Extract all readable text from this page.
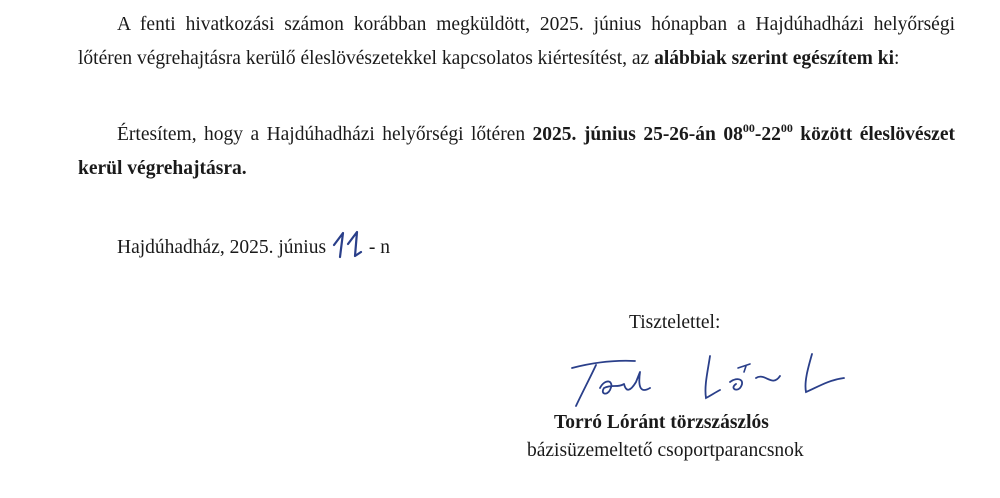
A fenti hivatkozási számon korábban megküldött, 2025. június hónapban a Hajdúhadházi helyőrségi lőtéren végrehajtásra kerülő éleslövészetekkel kapcsolatos kiértesítést, az alábbiak szerint egészítem ki:

Értesítem, hogy a Hajdúhadházi helyőrségi lőtéren 2025. június 25-26-án $08^{00}-22^{00}$ között éleslövészet kerül végrehajtásra.

Hajdúhadház, 2025. június - n
Tisztelettel:
Torró Lóránt törzszászlós
bázisüzemeltető csoportparancsnok
